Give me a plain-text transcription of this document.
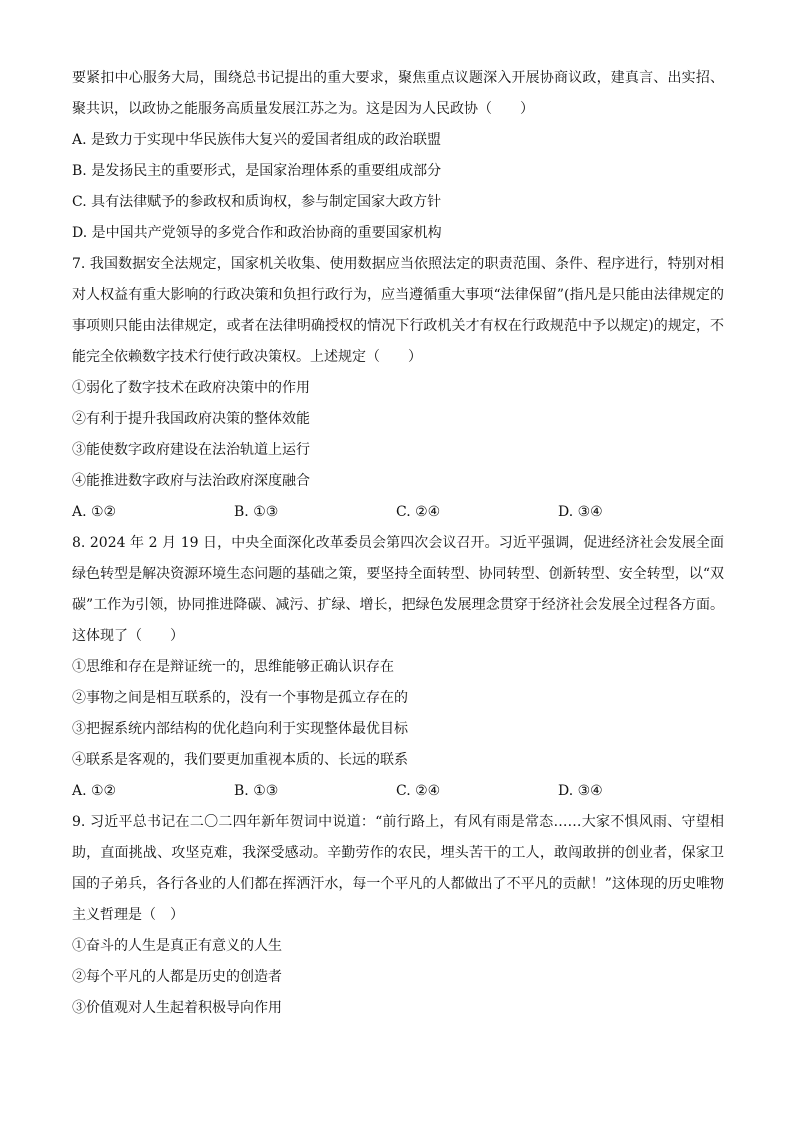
要紧扣中心服务大局，围绕总书记提出的重大要求，聚焦重点议题深入开展协商议政，建真言、出实招、聚共识，以政协之能服务高质量发展江苏之为。这是因为人民政协（　　）

A. 是致力于实现中华民族伟大复兴的爱国者组成的政治联盟
B. 是发扬民主的重要形式，是国家治理体系的重要组成部分
C. 具有法律赋予的参政权和质询权，参与制定国家大政方针
D. 是中国共产党领导的多党合作和政治协商的重要国家机构

7. 我国数据安全法规定，国家机关收集、使用数据应当依照法定的职责范围、条件、程序进行，特别对相对人权益有重大影响的行政决策和负担行政行为，应当遵循重大事项“法律保留”(指凡是只能由法律规定的事项则只能由法律规定，或者在法律明确授权的情况下行政机关才有权在行政规范中予以规定)的规定，不能完全依赖数字技术行使行政决策权。上述规定（　　）

①弱化了数字技术在政府决策中的作用
②有利于提升我国政府决策的整体效能
③能使数字政府建设在法治轨道上运行
④能推进数字政府与法治政府深度融合
A. ①②	B. ①③	C. ②④	D. ③④

8. 2024 年 2 月 19 日，中央全面深化改革委员会第四次会议召开。习近平强调，促进经济社会发展全面绿色转型是解决资源环境生态问题的基础之策，要坚持全面转型、协同转型、创新转型、安全转型，以“双碳”工作为引领，协同推进降碳、减污、扩绿、增长，把绿色发展理念贯穿于经济社会发展全过程各方面。这体现了（　　）

①思维和存在是辩证统一的，思维能够正确认识存在
②事物之间是相互联系的，没有一个事物是孤立存在的
③把握系统内部结构的优化趋向利于实现整体最优目标
④联系是客观的，我们要更加重视本质的、长远的联系
A. ①②	B. ①③	C. ②④	D. ③④

9. 习近平总书记在二〇二四年新年贺词中说道：“前行路上，有风有雨是常态……大家不惧风雨、守望相助，直面挑战、攻坚克难，我深受感动。辛勤劳作的农民，埋头苦干的工人，敢闯敢拼的创业者，保家卫国的子弟兵，各行各业的人们都在挥洒汗水，每一个平凡的人都做出了不平凡的贡献！”这体现的历史唯物主义哲理是（　）

①奋斗的人生是真正有意义的人生
②每个平凡的人都是历史的创造者
③价值观对人生起着积极导向作用
